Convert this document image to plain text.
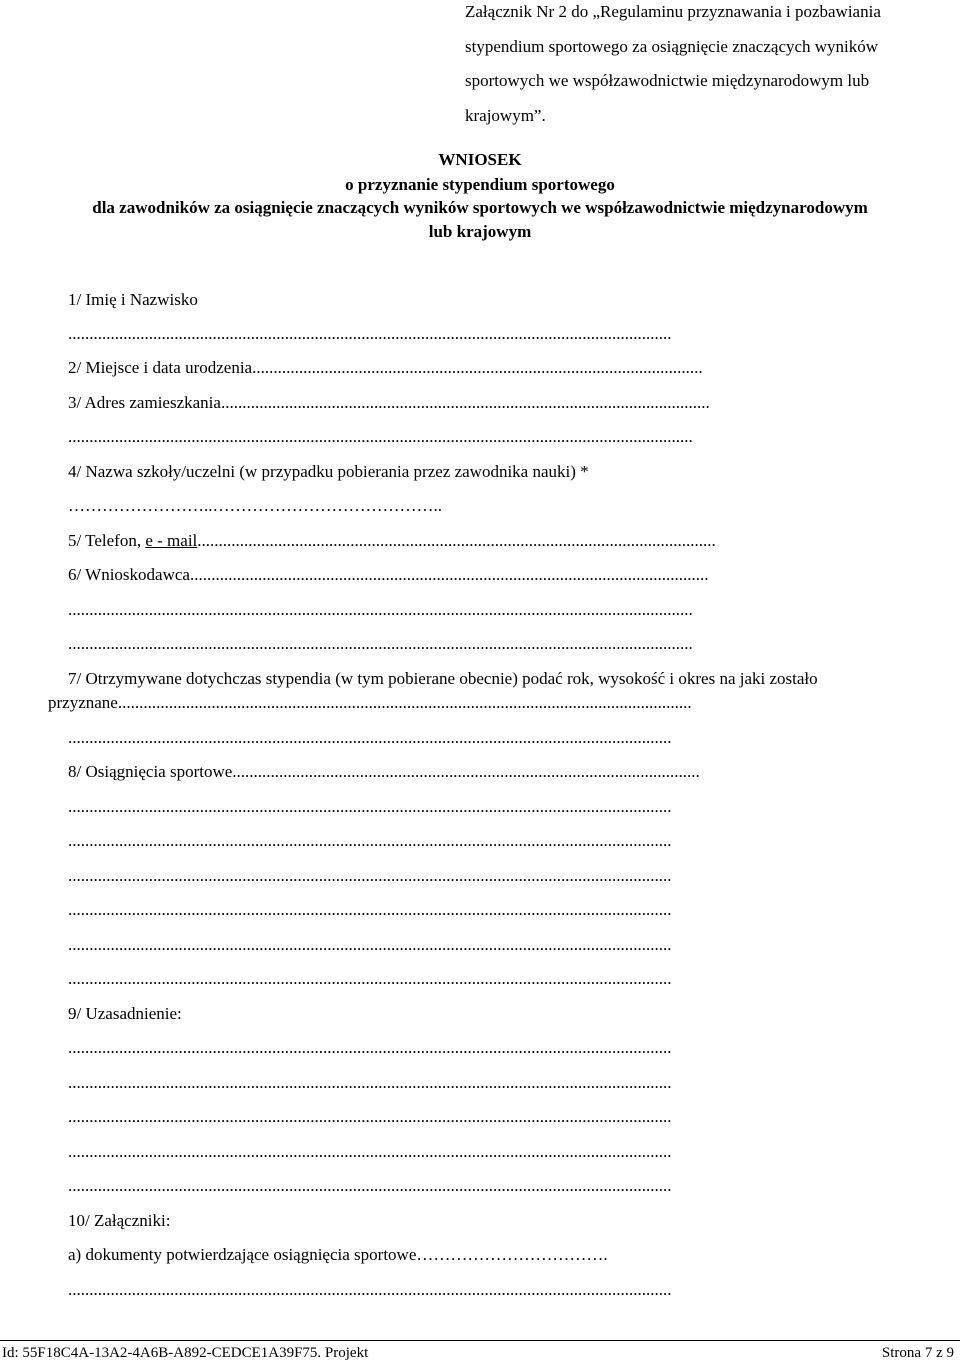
Załącznik Nr 2 do „Regulaminu przyznawania i pozbawiania
stypendium sportowego za osiągnięcie znaczących wyników
sportowych we współzawodnictwie międzynarodowym lub
krajowym”.
WNIOSEK
o przyznanie stypendium sportowego
dla zawodników za osiągnięcie znaczących wyników sportowych we współzawodnictwie międzynarodowym
lub krajowym
1/ Imię i Nazwisko
..............................................................................................................................................
2/ Miejsce i data urodzenia..........................................................................................................
3/ Adres zamieszkania...................................................................................................................
...................................................................................................................................................
4/ Nazwa szkoły/uczelni (w przypadku pobierania przez zawodnika nauki) *
……………………..…………………………………..
5/ Telefon, e - mail..........................................................................................................................
6/ Wnioskodawca..........................................................................................................................
...................................................................................................................................................
...................................................................................................................................................
7/ Otrzymywane dotychczas stypendia (w tym pobierane obecnie) podać rok, wysokość i okres na jaki zostało
przyznane.......................................................................................................................................
..............................................................................................................................................
8/ Osiągnięcia sportowe..............................................................................................................
..............................................................................................................................................
..............................................................................................................................................
..............................................................................................................................................
..............................................................................................................................................
..............................................................................................................................................
..............................................................................................................................................
9/ Uzasadnienie:
..............................................................................................................................................
..............................................................................................................................................
..............................................................................................................................................
..............................................................................................................................................
..............................................................................................................................................
10/ Załączniki:
a) dokumenty potwierdzające osiągnięcia sportowe…………………………….
..............................................................................................................................................
Id: 55F18C4A-13A2-4A6B-A892-CEDCE1A39F75. Projekt	Strona 7 z 9
